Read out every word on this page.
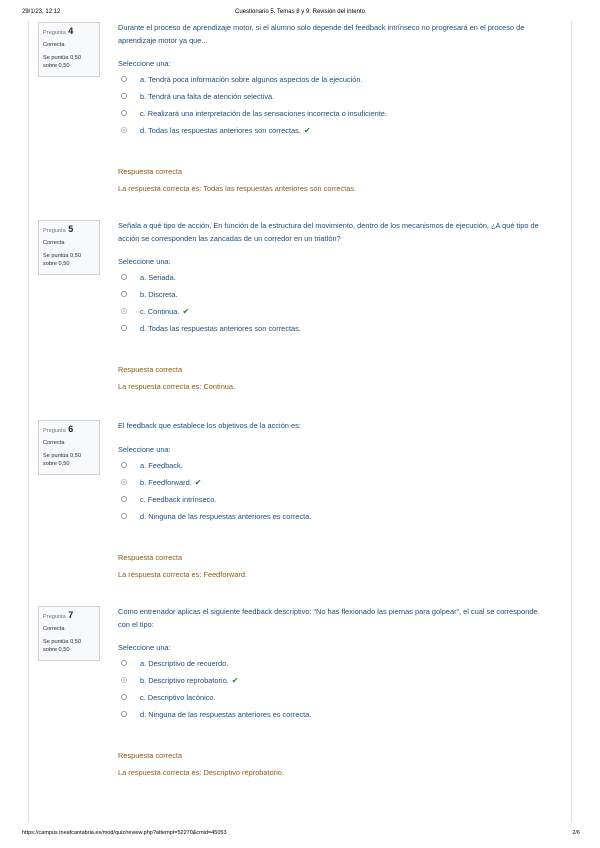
29/1/23, 12:12	Cuestionario 5. Temas 8 y 9: Revisión del intento
Pregunta 4
Correcta
Se puntúa 0,50 sobre 0,50
Durante el proceso de aprendizaje motor, si el alumno solo depende del feedback intrínseco no progresará en el proceso de aprendizaje motor ya que...
Seleccione una:
a. Tendrá poca información sobre algunos aspectos de la ejecución.
b. Tendrá una falta de atención selectiva.
c. Realizará una interpretación de las sensaciones incorrecta o insuficiente.
d. Todas las respuestas anteriores son correctas. ✔
Respuesta correcta
La respuesta correcta es: Todas las respuestas anteriores son correctas.
Pregunta 5
Correcta
Se puntúa 0,50 sobre 0,50
Señala a qué tipo de acción, En función de la estructura del movimiento, dentro de los mecanismos de ejecución, ¿A qué tipo de acción se corresponden las zancadas de un corredor en un triatlón?
Seleccione una:
a. Seriada.
b. Discreta.
c. Continua. ✔
d. Todas las respuestas anteriores son correctas.
Respuesta correcta
La respuesta correcta es: Continua.
Pregunta 6
Correcta
Se puntúa 0,50 sobre 0,50
El feedback que establece los objetivos de la acción es:
Seleccione una:
a. Feedback.
b. Feedforward. ✔
c. Feedback intrínseco.
d. Ninguna de las respuestas anteriores es correcta.
Respuesta correcta
La respuesta correcta es: Feedforward.
Pregunta 7
Correcta
Se puntúa 0,50 sobre 0,50
Como entrenador aplicas el siguiente feedback descriptivo: “No has flexionado las piernas para golpear”, el cual se corresponde con el tipo:
Seleccione una:
a. Descriptivo de recuerdo.
b. Descriptivo reprobatorio. ✔
c. Descriptivo lacónico.
d. Ninguna de las respuestas anteriores es correcta.
Respuesta correcta
La respuesta correcta es: Descriptivo reprobatorio.
https://campus.ineafcantabria.es/mod/quiz/review.php?attempt=52270&cmid=45053	2/6
